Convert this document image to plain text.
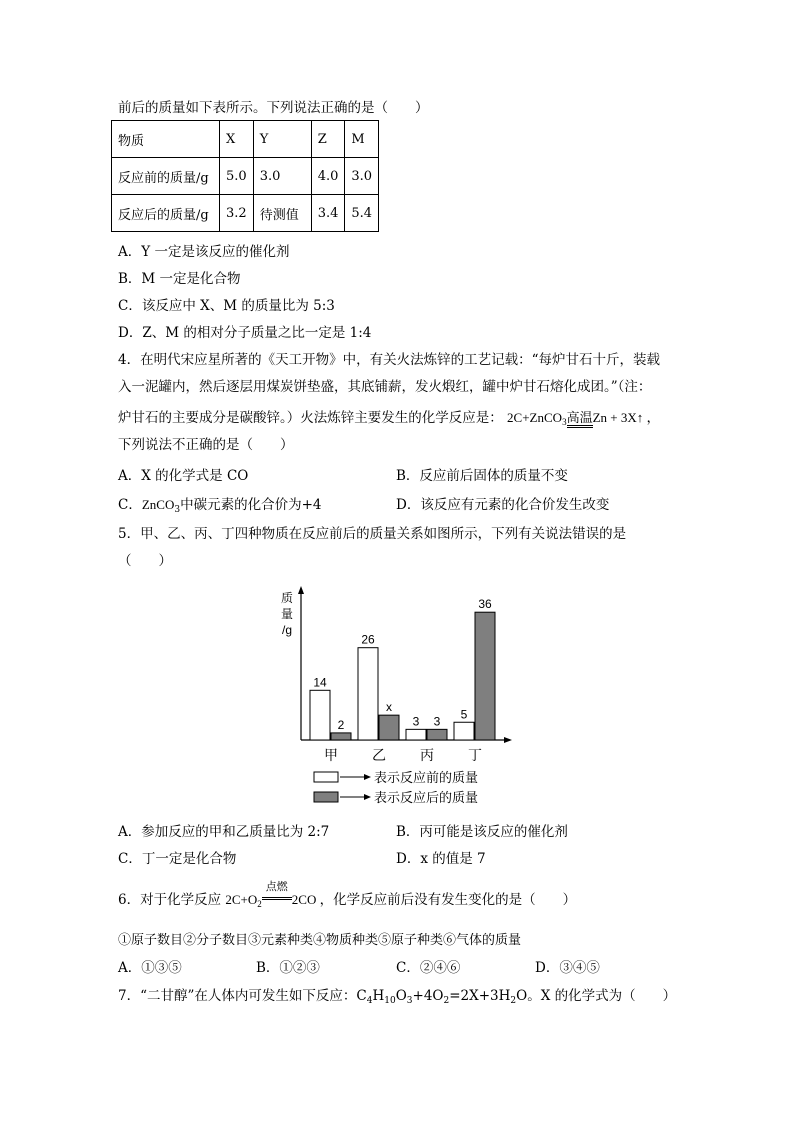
前后的质量如下表所示。下列说法正确的是（　　）
物质	X	Y	Z	M
反应前的质量/g	5.0	3.0	4.0	3.0
反应后的质量/g	3.2	待测值	3.4	5.4
A．Y 一定是该反应的催化剂
B．M 一定是化合物
C．该反应中 X、M 的质量比为 5:3
D．Z、M 的相对分子质量之比一定是 1:4
4．在明代宋应星所著的《天工开物》中，有关火法炼锌的工艺记载：“每炉甘石十斤，装载
入一泥罐内，然后逐层用煤炭饼垫盛，其底铺薪，发火煅红，罐中炉甘石熔化成团。”（注：
炉甘石的主要成分是碳酸锌。）火法炼锌主要发生的化学反应是： 2C+ZnCO$_3$高温Zn + 3X↑ ，
下列说法不正确的是（　　）
A．X 的化学式是 CO	B．反应前后固体的质量不变
C．ZnCO$_3$中碳元素的化合价为+4	D．该反应有元素的化合价发生改变
5．甲、乙、丙、丁四种物质在反应前后的质量关系如图所示，下列有关说法错误的是
（　　）
质
量
/g
14
2
甲
26
x
乙
3 3
丙
5
36
丁
表示反应前的质量
表示反应后的质量
A．参加反应的甲和乙质量比为 2:7	B．丙可能是该反应的催化剂
C．丁一定是化合物	D．x 的值是 7
6．对于化学反应 $2C+O_2$
点燃
2CO ，化学反应前后没有发生变化的是（　　）
①原子数目②分子数目③元素种类④物质种类⑤原子种类⑥气体的质量
A．①③⑤	B．①②③	C．②④⑥	D．③④⑤
7．“二甘醇”在人体内可发生如下反应：$C_4H_{10}O_3+4O_2=2X+3H_2O$。X 的化学式为（　　）
